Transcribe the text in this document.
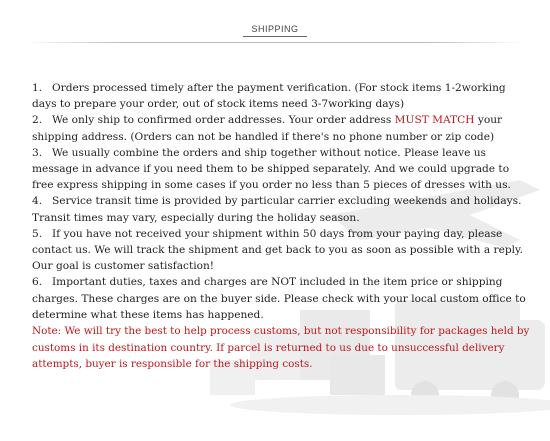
SHIPPING

1. Orders processed timely after the payment verification. (For stock items 1-2working days to prepare your order, out of stock items need 3-7working days)

2. We only ship to confirmed order addresses. Your order address MUST MATCH your shipping address. (Orders can not be handled if there's no phone number or zip code)

3. We usually combine the orders and ship together without notice. Please leave us message in advance if you need them to be shipped separately. And we could upgrade to free express shipping in some cases if you order no less than 5 pieces of dresses with us.

4. Service transit time is provided by particular carrier excluding weekends and holidays. Transit times may vary, especially during the holiday season.

5. If you have not received your shipment within 50 days from your paying day, please contact us. We will track the shipment and get back to you as soon as possible with a reply. Our goal is customer satisfaction!

6. Important duties, taxes and charges are NOT included in the item price or shipping charges. These charges are on the buyer side. Please check with your local custom office to determine what these items has happened.

Note: We will try the best to help process customs, but not responsibility for packages held by customs in its destination country. If parcel is returned to us due to unsuccessful delivery attempts, buyer is responsible for the shipping costs.
